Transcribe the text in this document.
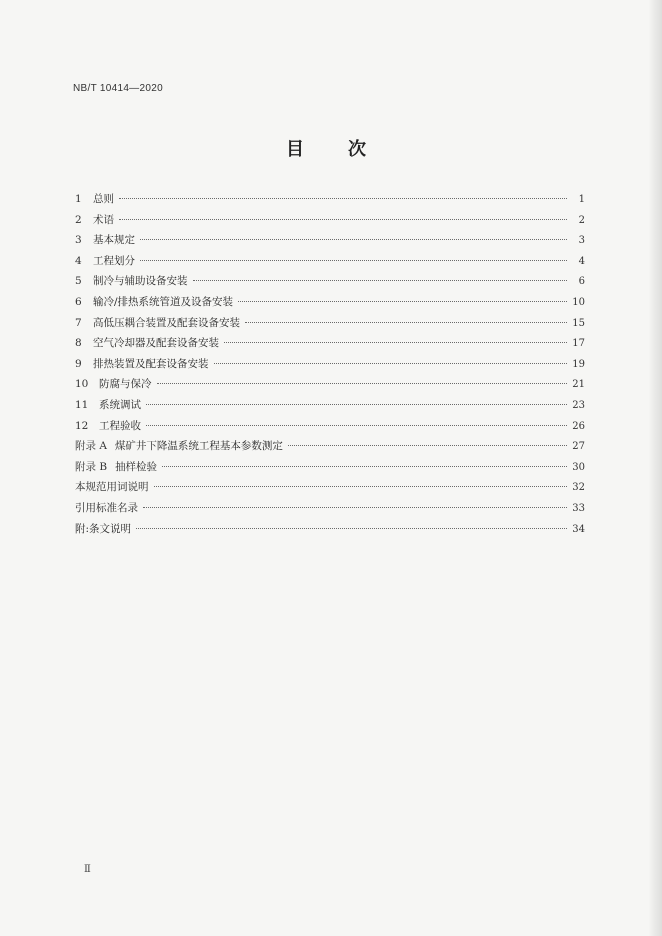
NB/T 10414—2020
目次
1 总则	1
2 术语	2
3 基本规定	3
4 工程划分	4
5 制冷与辅助设备安装	6
6 输冷/排热系统管道及设备安装	10
7 高低压耦合装置及配套设备安装	15
8 空气冷却器及配套设备安装	17
9 排热装置及配套设备安装	19
10 防腐与保冷	21
11 系统调试	23
12 工程验收	26
附录 A 煤矿井下降温系统工程基本参数测定	27
附录 B 抽样检验	30
本规范用词说明	32
引用标准名录	33
附:条文说明	34
Ⅱ
